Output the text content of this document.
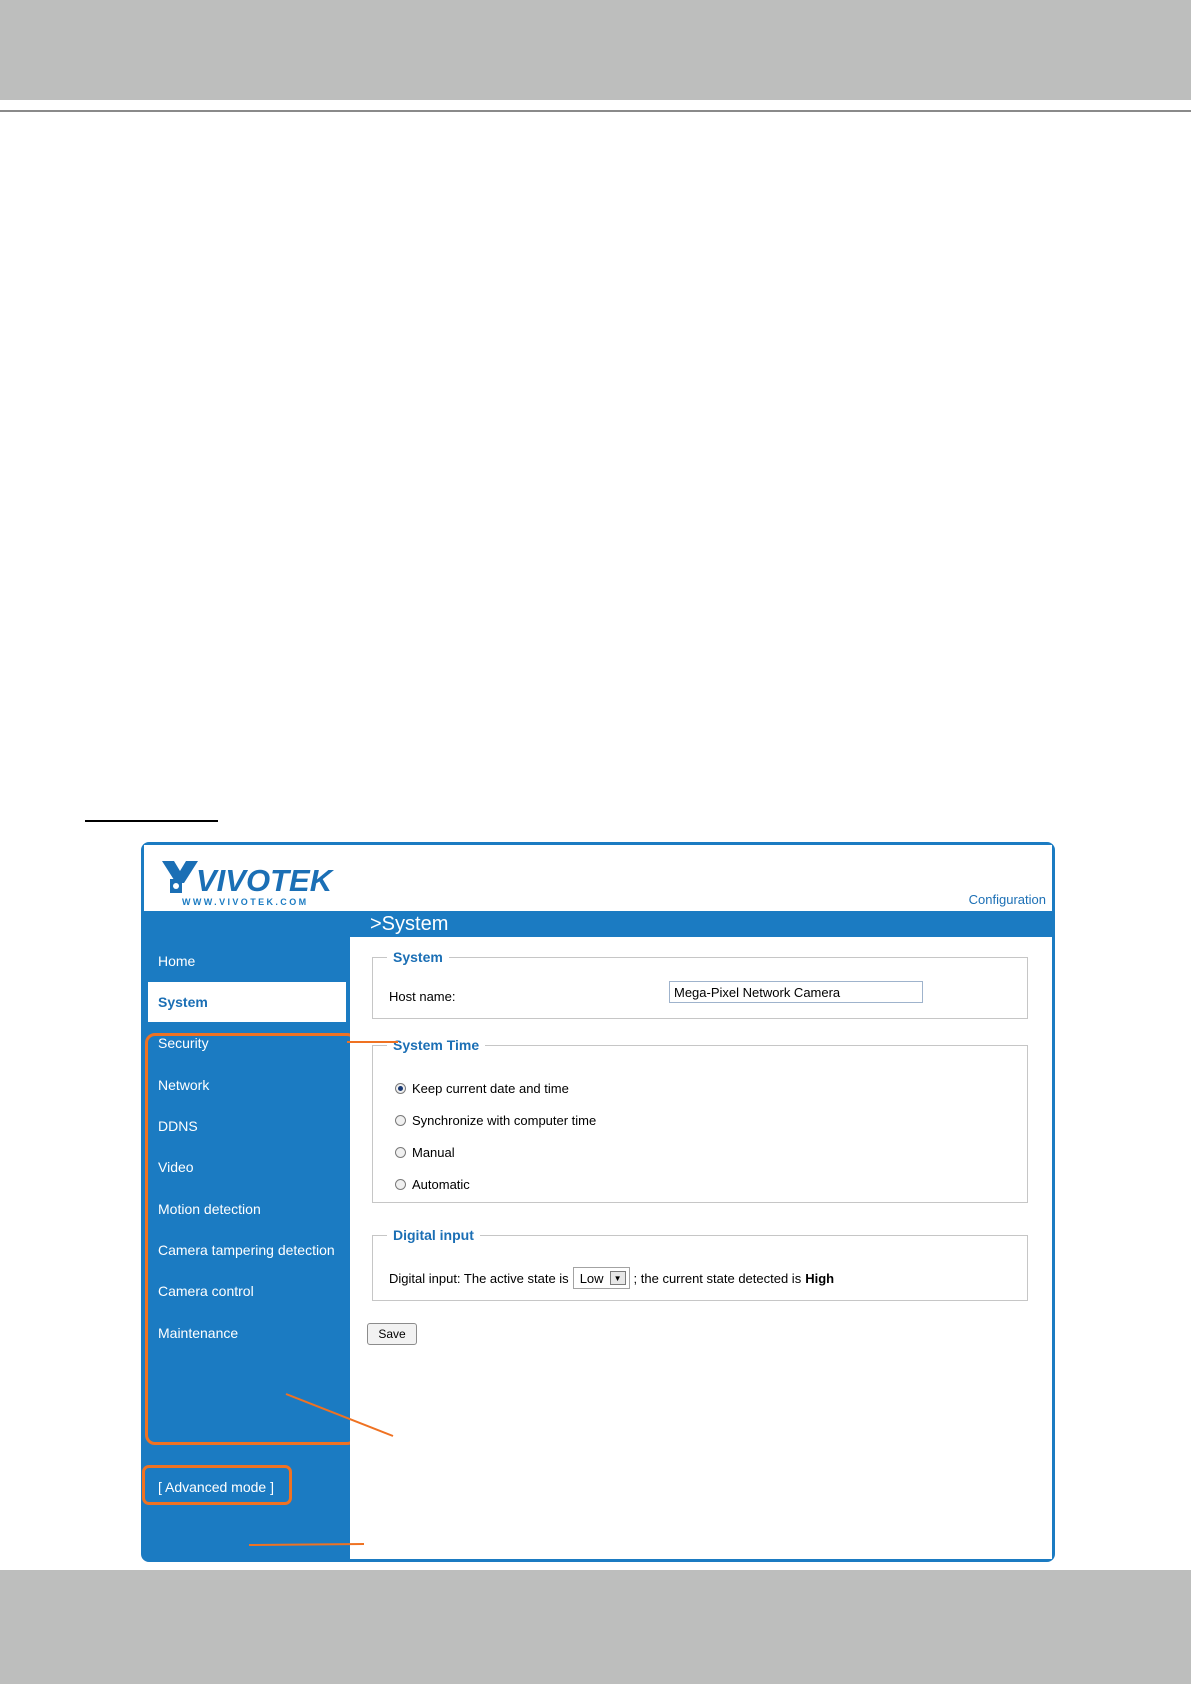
VIVOTEK
WWW.VIVOTEK.COM	Configuration
>System
Home
System
Security
Network
DDNS
Video
Motion detection
Camera tampering detection
Camera control
Maintenance
[ Advanced mode ]
System
Host name:
Mega-Pixel Network Camera
System Time
Keep current date and time
Synchronize with computer time
Manual
Automatic
Digital input
Digital input: The active state is Low	▼ ; the current state detected is High
Save
